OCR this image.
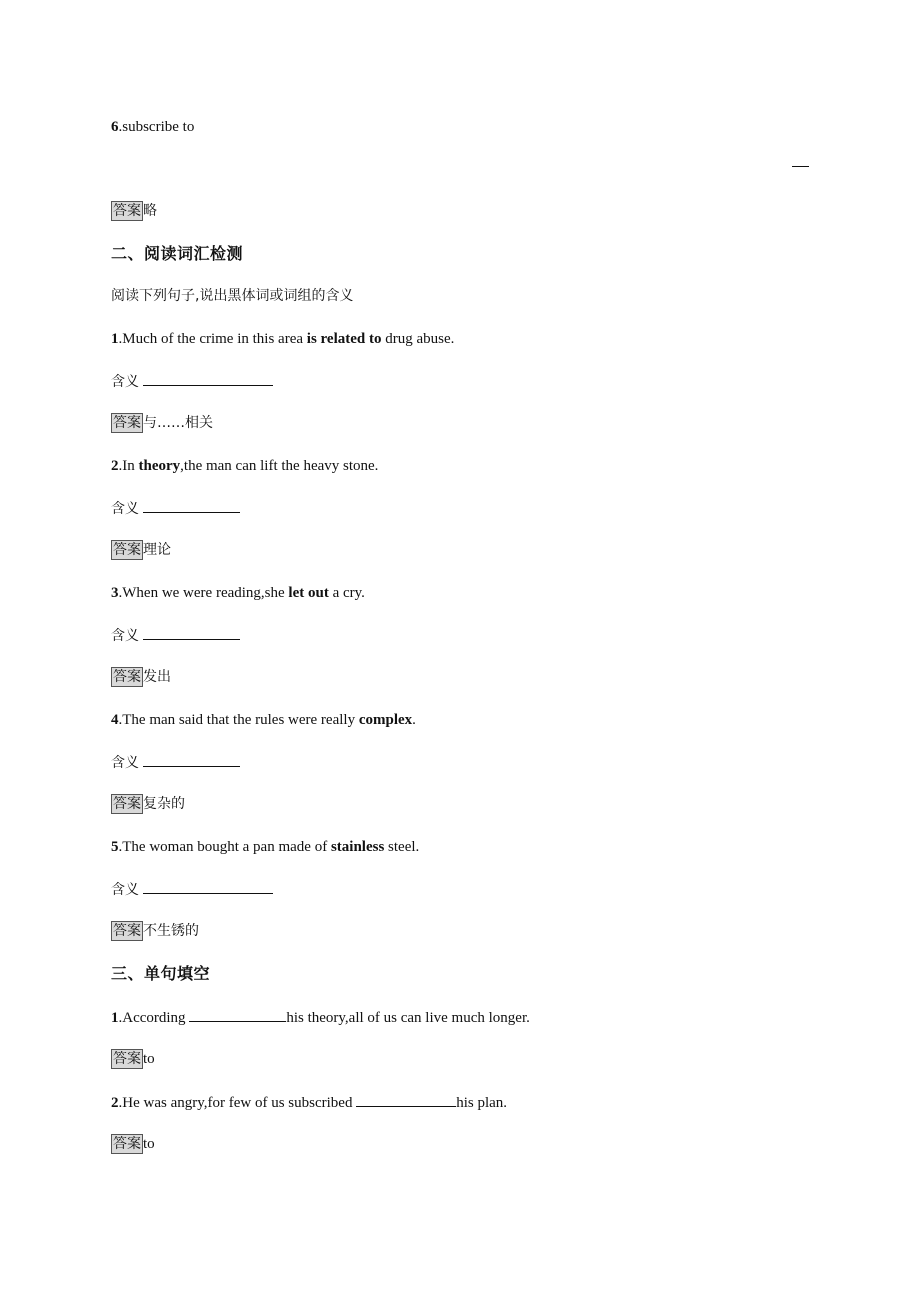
6.subscribe to
答案 略
二、阅读词汇检测
阅读下列句子,说出黑体词或词组的含义
1.Much of the crime in this area is related to drug abuse.
含义
答案 与……相关
2.In theory,the man can lift the heavy stone.
含义
答案 理论
3.When we were reading,she let out a cry.
含义
答案 发出
4.The man said that the rules were really complex.
含义
答案 复杂的
5.The woman bought a pan made of stainless steel.
含义
答案 不生锈的
三、单句填空
1.According	his theory,all of us can live much longer.
答案 to
2.He was angry,for few of us subscribed	his plan.
答案 to
